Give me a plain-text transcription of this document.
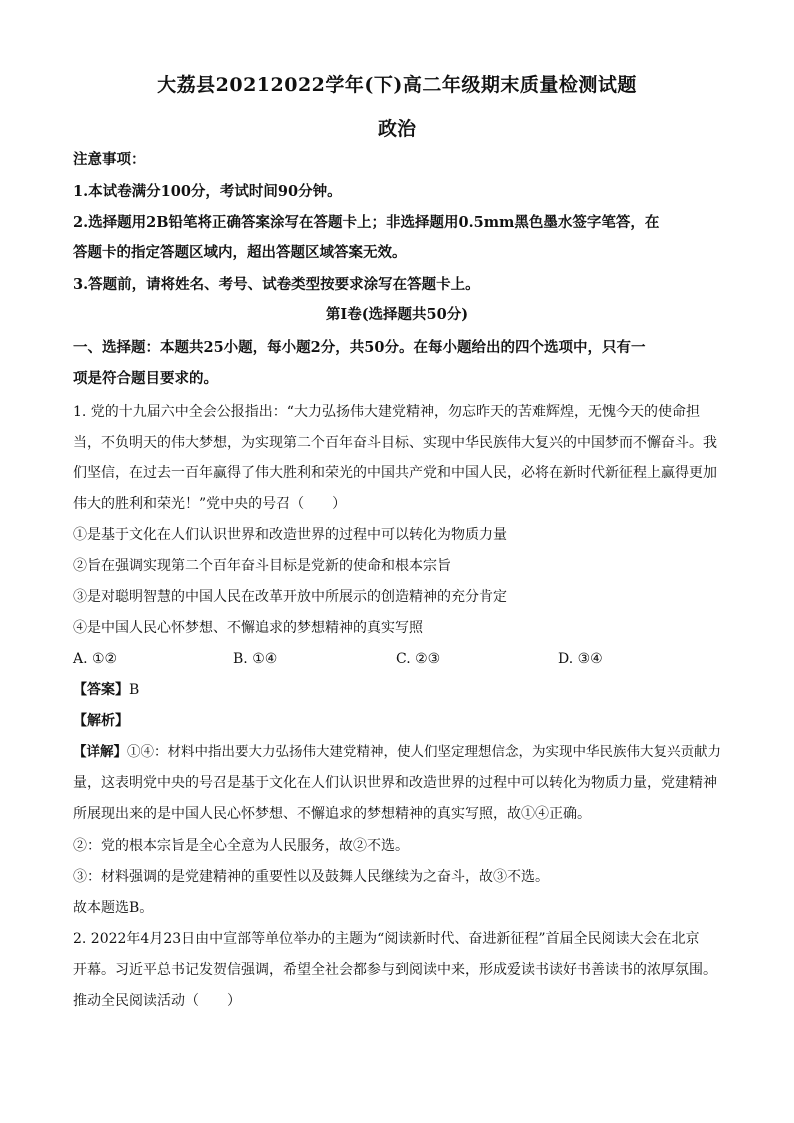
大荔县20212022学年(下)高二年级期末质量检测试题
政治
注意事项：
1.本试卷满分100分，考试时间90分钟。
2.选择题用2B铅笔将正确答案涂写在答题卡上；非选择题用0.5mm黑色墨水签字笔答，在
答题卡的指定答题区域内，超出答题区域答案无效。
3.答题前，请将姓名、考号、试卷类型按要求涂写在答题卡上。
第Ⅰ卷(选择题共50分)
一、选择题：本题共25小题，每小题2分，共50分。在每小题给出的四个选项中，只有一
项是符合题目要求的。
1. 党的十九届六中全会公报指出：“大力弘扬伟大建党精神，勿忘昨天的苦难辉煌，无愧今天的使命担
当，不负明天的伟大梦想，为实现第二个百年奋斗目标、实现中华民族伟大复兴的中国梦而不懈奋斗。我
们坚信，在过去一百年赢得了伟大胜利和荣光的中国共产党和中国人民，必将在新时代新征程上赢得更加
伟大的胜利和荣光！”党中央的号召（　　）
①是基于文化在人们认识世界和改造世界的过程中可以转化为物质力量
②旨在强调实现第二个百年奋斗目标是党新的使命和根本宗旨
③是对聪明智慧的中国人民在改革开放中所展示的创造精神的充分肯定
④是中国人民心怀梦想、不懈追求的梦想精神的真实写照
A. ①②	B. ①④	C. ②③	D. ③④
【答案】B
【解析】
【详解】①④：材料中指出要大力弘扬伟大建党精神，使人们坚定理想信念，为实现中华民族伟大复兴贡献力
量，这表明党中央的号召是基于文化在人们认识世界和改造世界的过程中可以转化为物质力量，党建精神
所展现出来的是中国人民心怀梦想、不懈追求的梦想精神的真实写照，故①④正确。
②：党的根本宗旨是全心全意为人民服务，故②不选。
③：材料强调的是党建精神的重要性以及鼓舞人民继续为之奋斗，故③不选。
故本题选B。
2. 2022年4月23日由中宣部等单位举办的主题为“阅读新时代、奋进新征程”首届全民阅读大会在北京
开幕。习近平总书记发贺信强调，希望全社会都参与到阅读中来，形成爱读书读好书善读书的浓厚氛围。
推动全民阅读活动（　　）
